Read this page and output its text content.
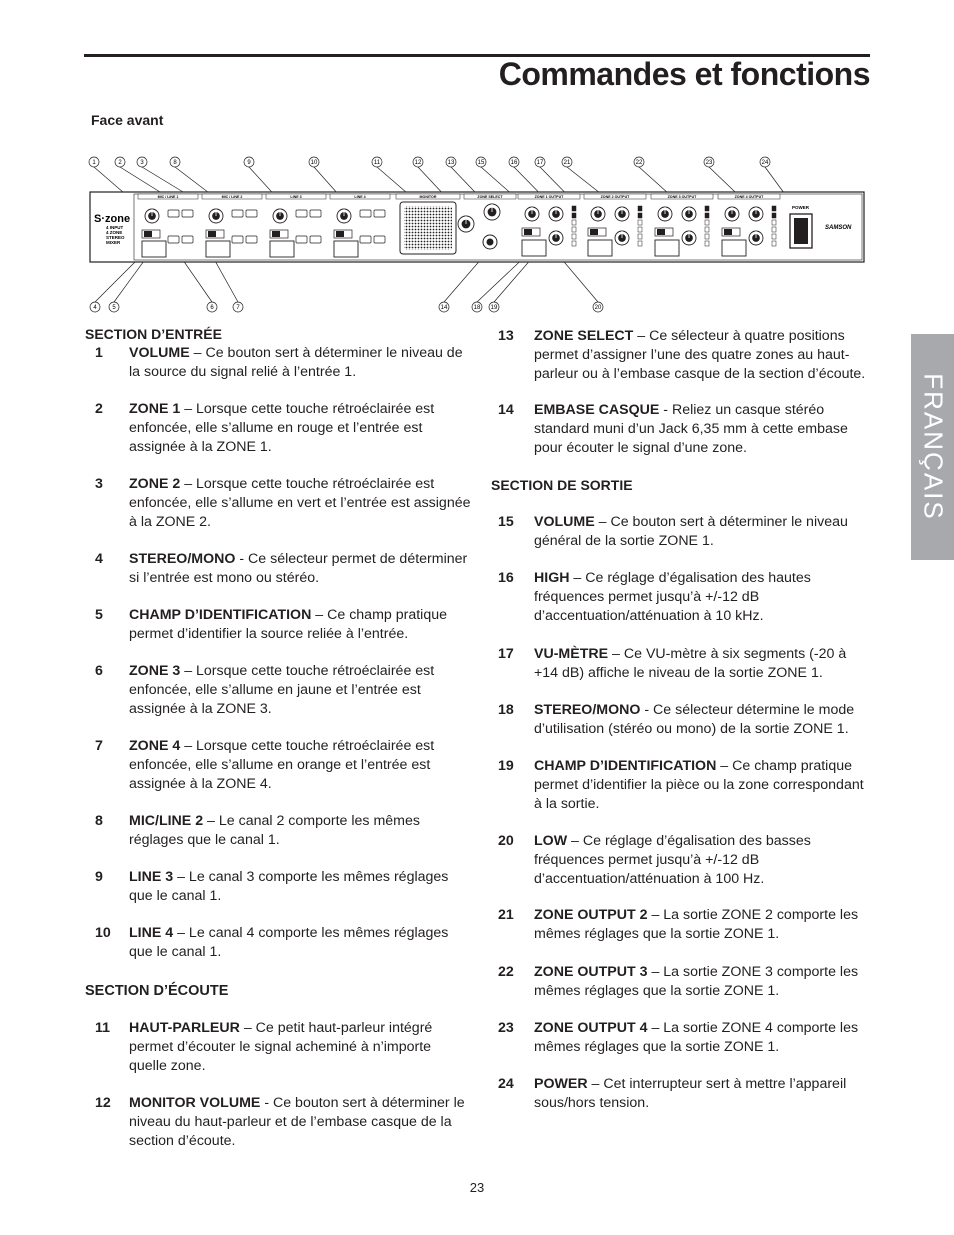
Commandes et fonctions
Face avant
FRANÇAIS
1	2	3	8	9	10	11	12	13	15	16	17	21	22	23	24
4	5	6	7	14	18 19	20
S·zone
4 INPUT
4 ZONE
STEREO
MIXER
MIC / LINE 1	MIC / LINE 2	LINE 3	LINE 4	MONITOR	ZONE SELECT	ZONE 1 OUTPUT	ZONE 2 OUTPUT	ZONE 3 OUTPUT	ZONE 4 OUTPUT
POWER
SAMSON
SECTION D’ENTRÉE
1 VOLUME – Ce bouton sert à déterminer le niveau de la source du signal relié à l’entrée 1.
2 ZONE 1 – Lorsque cette touche rétroéclairée est enfoncée, elle s’allume en rouge et l’entrée est assignée à la ZONE 1.
3 ZONE 2 – Lorsque cette touche rétroéclairée est enfoncée, elle s’allume en vert et l’entrée est assignée à la ZONE 2.
4 STEREO/MONO - Ce sélecteur permet de déterminer si l’entrée est mono ou stéréo.
5 CHAMP D’IDENTIFICATION – Ce champ pratique permet d’identifier la source reliée à l’entrée.
6 ZONE 3 – Lorsque cette touche rétroéclairée est enfoncée, elle s’allume en jaune et l’entrée est assignée à la ZONE 3.
7 ZONE 4 – Lorsque cette touche rétroéclairée est enfoncée, elle s’allume en orange et l’entrée est assignée à la ZONE 4.
8 MIC/LINE 2 – Le canal 2 comporte les mêmes réglages que le canal 1.
9 LINE 3 – Le canal 3 comporte les mêmes réglages que le canal 1.
10 LINE 4 – Le canal 4 comporte les mêmes réglages que le canal 1.
11 HAUT-PARLEUR – Ce petit haut-parleur intégré permet d’écouter le signal acheminé à n’importe quelle zone.
12 MONITOR VOLUME - Ce bouton sert à déterminer le niveau du haut-parleur et de l’embase casque de la section d’écoute.
SECTION D’ÉCOUTE
13 ZONE SELECT – Ce sélecteur à quatre positions permet d’assigner l’une des quatre zones au haut-parleur ou à l’embase casque de la section d’écoute.
14 EMBASE CASQUE - Reliez un casque stéréo standard muni d’un Jack 6,35 mm à cette embase pour écouter le signal d’une zone.
15 VOLUME – Ce bouton sert à déterminer le niveau général de la sortie ZONE 1.
16 HIGH – Ce réglage d’égalisation des hautes fréquences permet jusqu’à +/-12 dB d’accentuation/atténuation à 10 kHz.
17 VU-MÈTRE – Ce VU-mètre à six segments (-20 à +14 dB) affiche le niveau de la sortie ZONE 1.
18 STEREO/MONO - Ce sélecteur détermine le mode d’utilisation (stéréo ou mono) de la sortie ZONE 1.
19 CHAMP D’IDENTIFICATION – Ce champ pratique permet d’identifier la pièce ou la zone correspondant à la sortie.
20 LOW – Ce réglage d’égalisation des basses fréquences permet jusqu’à +/-12 dB d’accentuation/atténuation à 100 Hz.
21 ZONE OUTPUT 2 – La sortie ZONE 2 comporte les mêmes réglages que la sortie ZONE 1.
22 ZONE OUTPUT 3 – La sortie ZONE 3 comporte les mêmes réglages que la sortie ZONE 1.
23 ZONE OUTPUT 4 – La sortie ZONE 4 comporte les mêmes réglages que la sortie ZONE 1.
24 POWER – Cet interrupteur sert à mettre l’appareil sous/hors tension.
SECTION DE SORTIE
23
